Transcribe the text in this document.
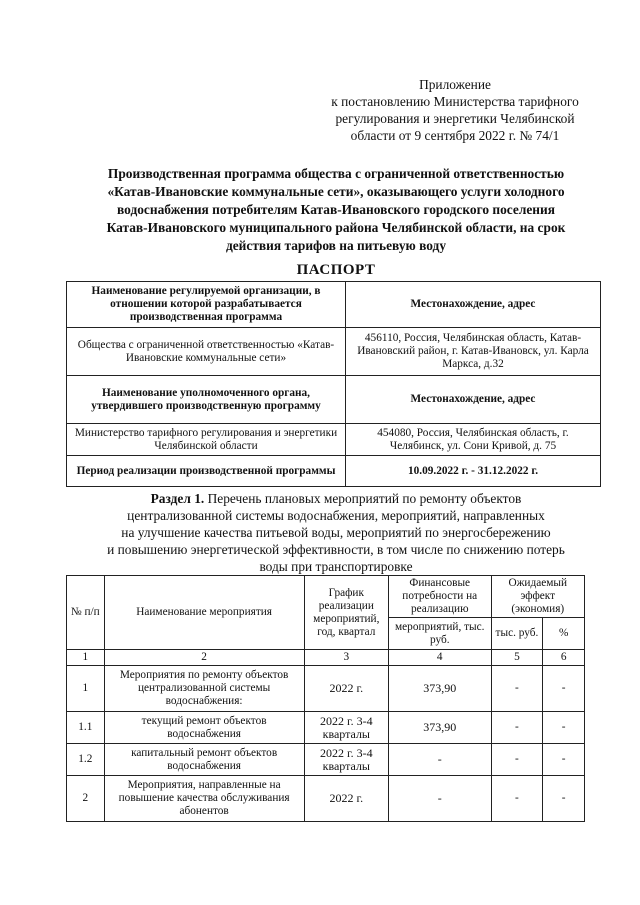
Приложение
к постановлению Министерства тарифного
регулирования и энергетики Челябинской
области от 9 сентября 2022 г. № 74/1
Производственная программа общества с ограниченной ответственностью
«Катав-Ивановские коммунальные сети», оказывающего услуги холодного
водоснабжения потребителям Катав-Ивановского городского поселения
Катав-Ивановского муниципального района Челябинской области, на срок
действия тарифов на питьевую воду
ПАСПОРТ
Наименование регулируемой организации, в отношении которой разрабатывается производственная программа	Местонахождение, адрес
Общества с ограниченной ответственностью «Катав-Ивановские коммунальные сети»	456110, Россия, Челябинская область, Катав-Ивановский район, г. Катав-Ивановск, ул. Карла Маркса, д.32
Наименование уполномоченного органа, утвердившего производственную программу	Местонахождение, адрес
Министерство тарифного регулирования и энергетики Челябинской области	454080, Россия, Челябинская область, г. Челябинск, ул. Сони Кривой, д. 75
Период реализации производственной программы	10.09.2022 г. - 31.12.2022 г.
Раздел 1. Перечень плановых мероприятий по ремонту объектов
централизованной системы водоснабжения, мероприятий, направленных
на улучшение качества питьевой воды, мероприятий по энергосбережению
и повышению энергетической эффективности, в том числе по снижению потерь
воды при транспортировке
№ п/п	Наименование мероприятия	График реализации мероприятий, год, квартал	Финансовые потребности на реализацию	Ожидаемый эффект (экономия)	
			мероприятий, тыс. руб.	тыс. руб.	%
1	2	3	4	5	6
1	Мероприятия по ремонту объектов централизованной системы водоснабжения:	2022 г.	373,90	-	-
1.1	текущий ремонт объектов водоснабжения	2022 г. 3-4 кварталы	373,90	-	-
1.2	капитальный ремонт объектов водоснабжения	2022 г. 3-4 кварталы	-	-	-
2	Мероприятия, направленные на повышение качества обслуживания абонентов	2022 г.	-	-	-
